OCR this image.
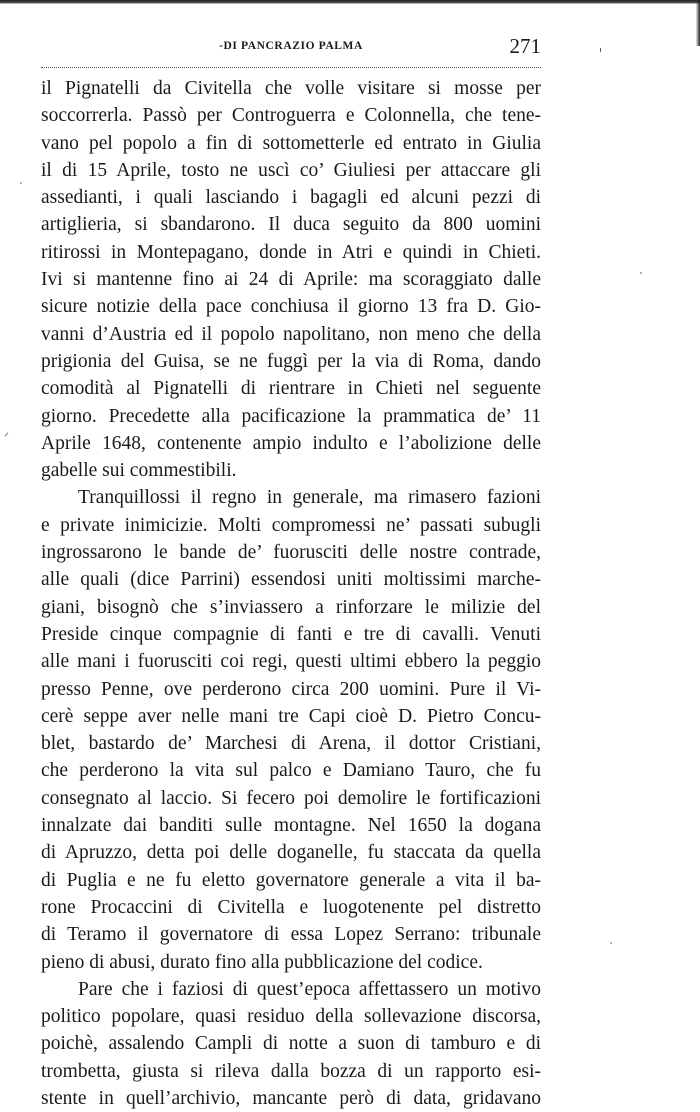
-DI PANCRAZIO PALMA	271
il Pignatelli da Civitella che volle visitare si mosse per
soccorrerla. Passò per Controguerra e Colonnella, che tene-
vano pel popolo a fin di sottometterle ed entrato in Giulia
il di 15 Aprile, tosto ne uscì co’ Giuliesi per attaccare gli
assedianti, i quali lasciando i bagagli ed alcuni pezzi di
artiglieria, si sbandarono. Il duca seguito da 800 uomini
ritirossi in Montepagano, donde in Atri e quindi in Chieti.
Ivi si mantenne fino ai 24 di Aprile: ma scoraggiato dalle
sicure notizie della pace conchiusa il giorno 13 fra D. Gio-
vanni d’Austria ed il popolo napolitano, non meno che della
prigionia del Guisa, se ne fuggì per la via di Roma, dando
comodità al Pignatelli di rientrare in Chieti nel seguente
giorno. Precedette alla pacificazione la prammatica de’ 11
Aprile 1648, contenente ampio indulto e l’abolizione delle
gabelle sui commestibili.
Tranquillossi il regno in generale, ma rimasero fazioni
e private inimicizie. Molti compromessi ne’ passati subugli
ingrossarono le bande de’ fuorusciti delle nostre contrade,
alle quali (dice Parrini) essendosi uniti moltissimi marche-
giani, bisognò che s’inviassero a rinforzare le milizie del
Preside cinque compagnie di fanti e tre di cavalli. Venuti
alle mani i fuorusciti coi regi, questi ultimi ebbero la peggio
presso Penne, ove perderono circa 200 uomini. Pure il Vi-
cerè seppe aver nelle mani tre Capi cioè D. Pietro Concu-
blet, bastardo de’ Marchesi di Arena, il dottor Cristiani,
che perderono la vita sul palco e Damiano Tauro, che fu
consegnato al laccio. Si fecero poi demolire le fortificazioni
innalzate dai banditi sulle montagne. Nel 1650 la dogana
di Apruzzo, detta poi delle doganelle, fu staccata da quella
di Puglia e ne fu eletto governatore generale a vita il ba-
rone Procaccini di Civitella e luogotenente pel distretto
di Teramo il governatore di essa Lopez Serrano: tribunale
pieno di abusi, durato fino alla pubblicazione del codice.
Pare che i faziosi di quest’epoca affettassero un motivo
politico popolare, quasi residuo della sollevazione discorsa,
poichè, assalendo Campli di notte a suon di tamburo e di
trombetta, giusta si rileva dalla bozza di un rapporto esi-
stente in quell’archivio, mancante però di data, gridavano
